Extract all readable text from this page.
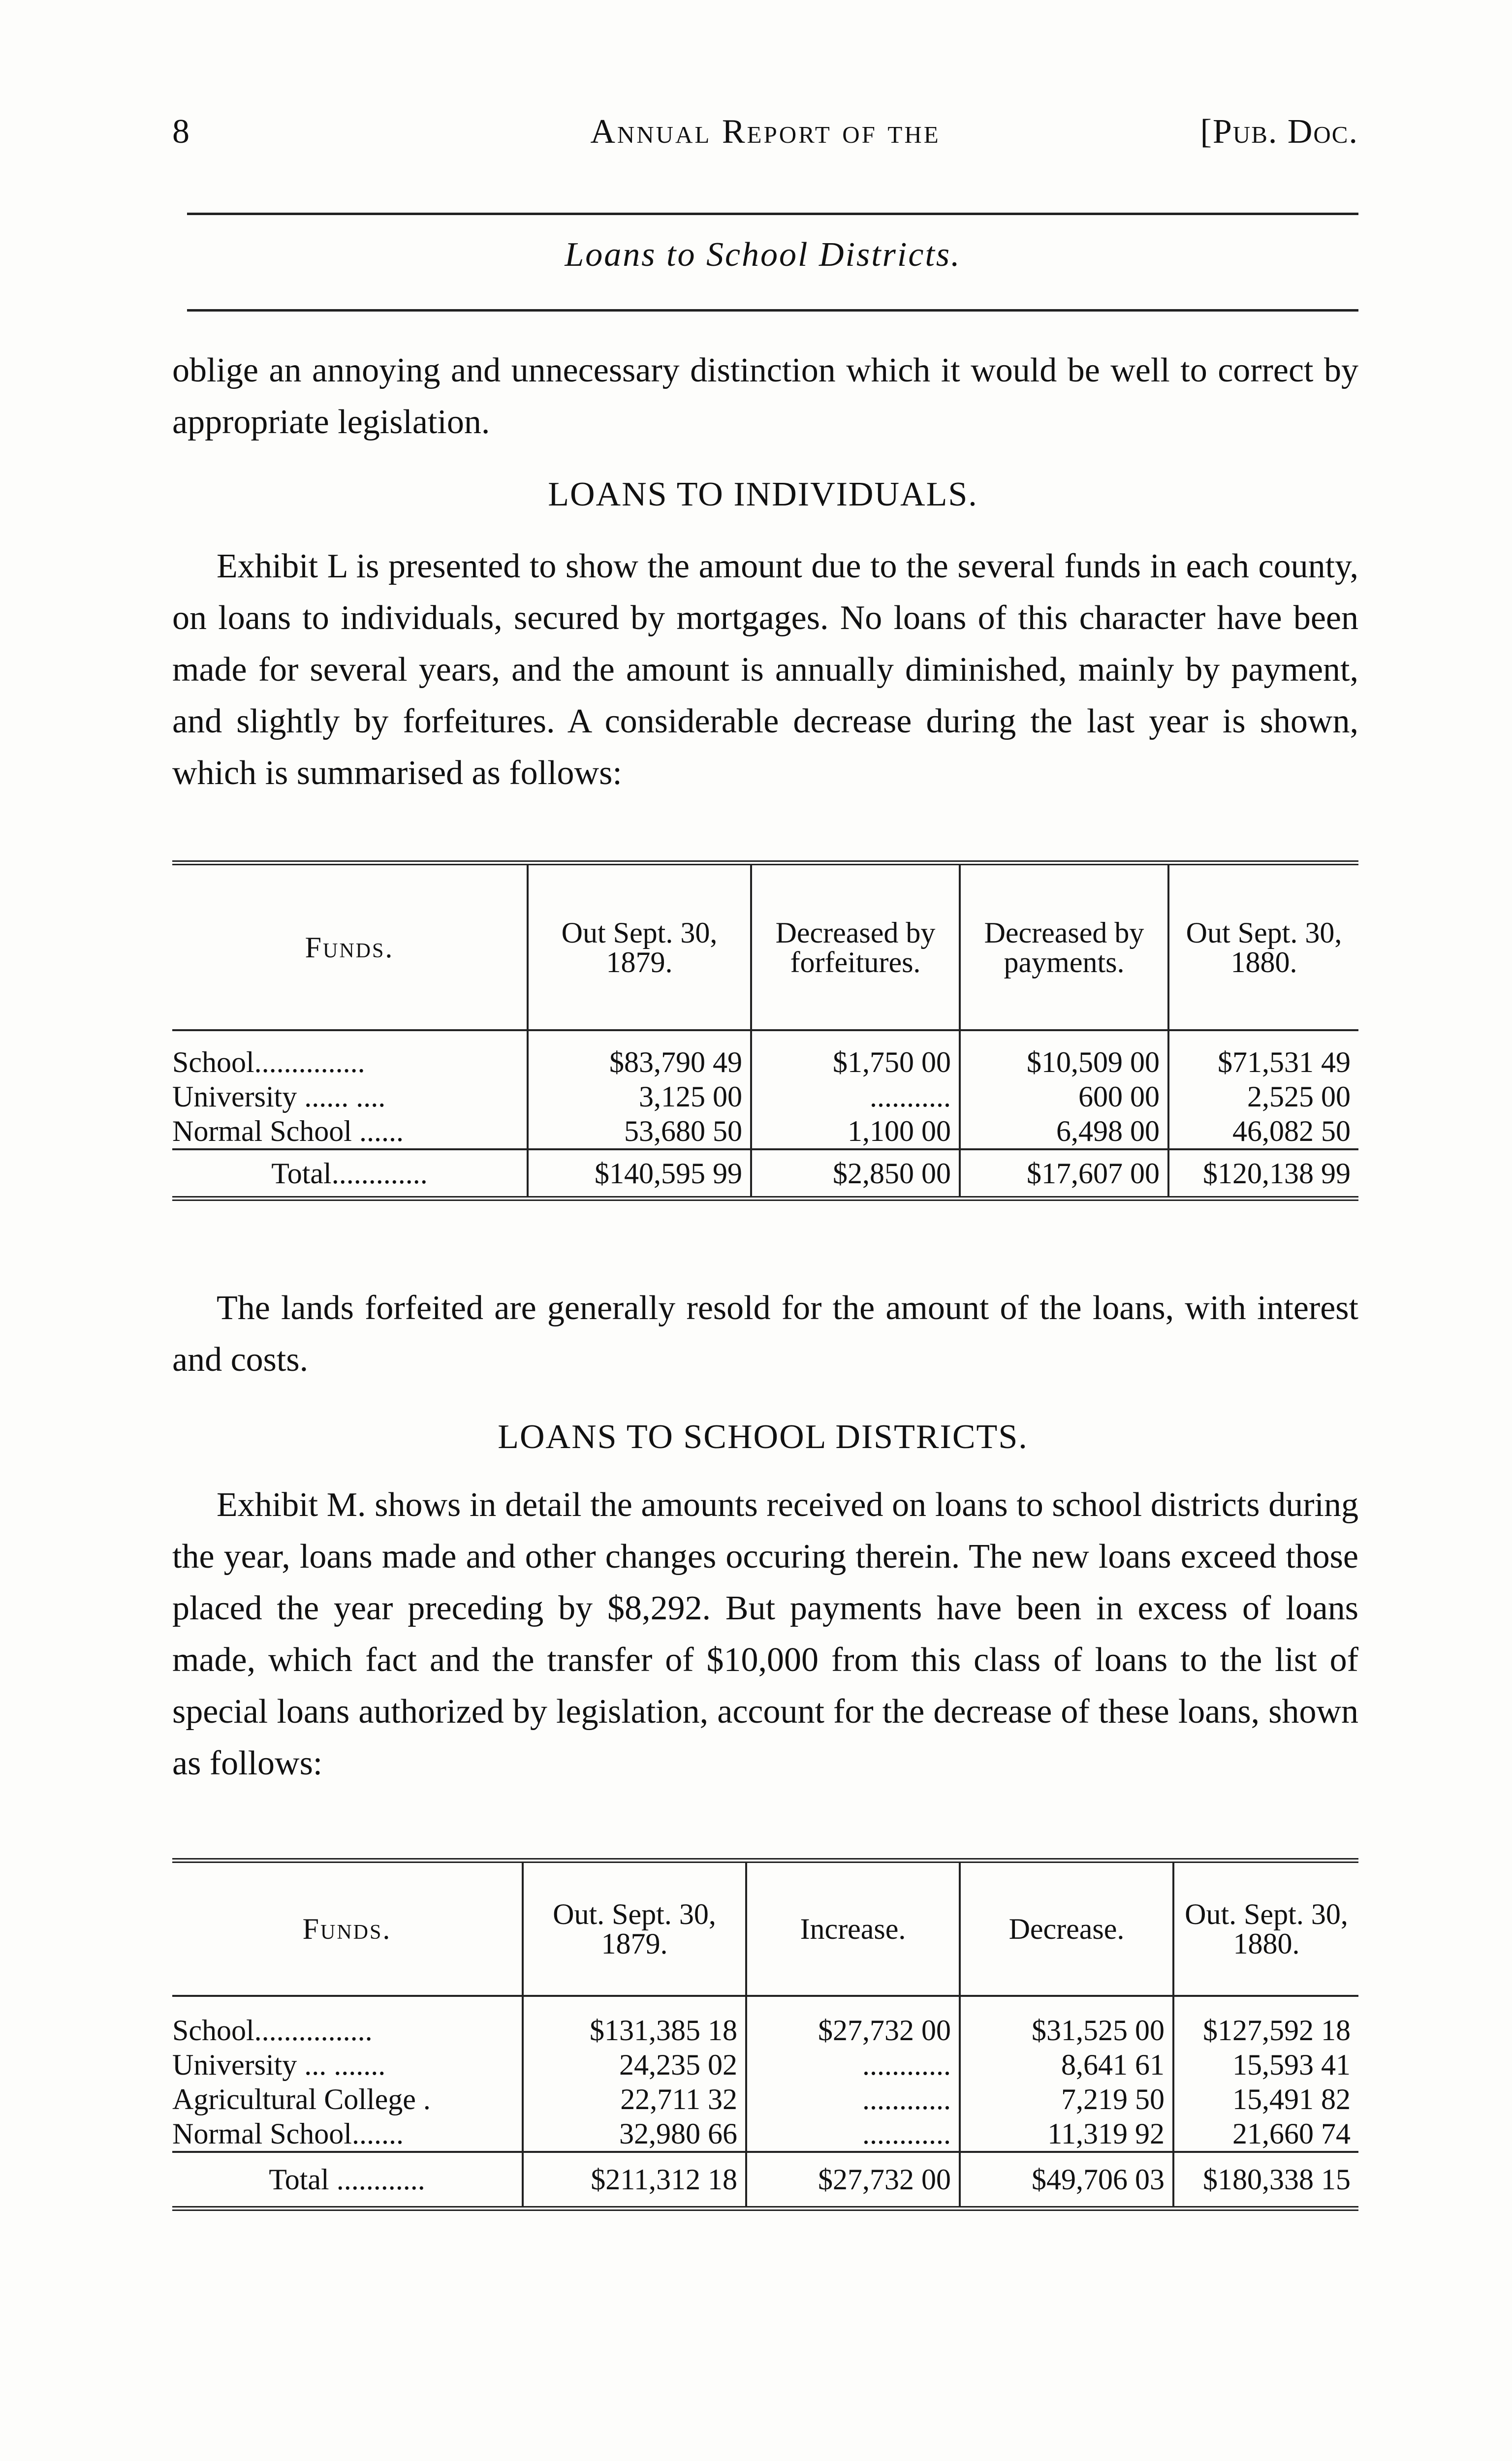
8	Annual Report of the	[Pub. Doc.
Loans to School Districts.

oblige an annoying and unnecessary distinction which it would be well to correct by appropriate legislation.

LOANS TO INDIVIDUALS.

Exhibit L is presented to show the amount due to the several funds in each county, on loans to individuals, secured by mortgages. No loans of this character have been made for several years, and the amount is annually diminished, mainly by payment, and slightly by forfeitures. A considerable decrease during the last year is shown, which is summarised as follows:

Funds.	Out Sept. 30, 1879.	Decreased by forfeitures.	Decreased by payments.	Out Sept. 30, 1880.

School...............	$83,790 49	$1,750 00	$10,509 00	$71,531 49
University ...... ....	3,125 00	...........	600 00	2,525 00
Normal School ......	53,680 50	1,100 00	6,498 00	46,082 50
Total.............	$140,595 99	$2,850 00	$17,607 00	$120,138 99

The lands forfeited are generally resold for the amount of the loans, with interest and costs.

LOANS TO SCHOOL DISTRICTS.

Exhibit M. shows in detail the amounts received on loans to school districts during the year, loans made and other changes occuring therein. The new loans exceed those placed the year preceding by $8,292. But payments have been in excess of loans made, which fact and the transfer of $10,000 from this class of loans to the list of special loans authorized by legislation, account for the decrease of these loans, shown as follows:

Funds.	Out. Sept. 30, 1879.	Increase.	Decrease.	Out. Sept. 30, 1880.

School................	$131,385 18	$27,732 00	$31,525 00	$127,592 18
University ... .......	24,235 02	............	8,641 61	15,593 41
Agricultural College .	22,711 32	............	7,219 50	15,491 82
Normal School.......	32,980 66	............	11,319 92	21,660 74
Total ............	$211,312 18	$27,732 00	$49,706 03	$180,338 15
